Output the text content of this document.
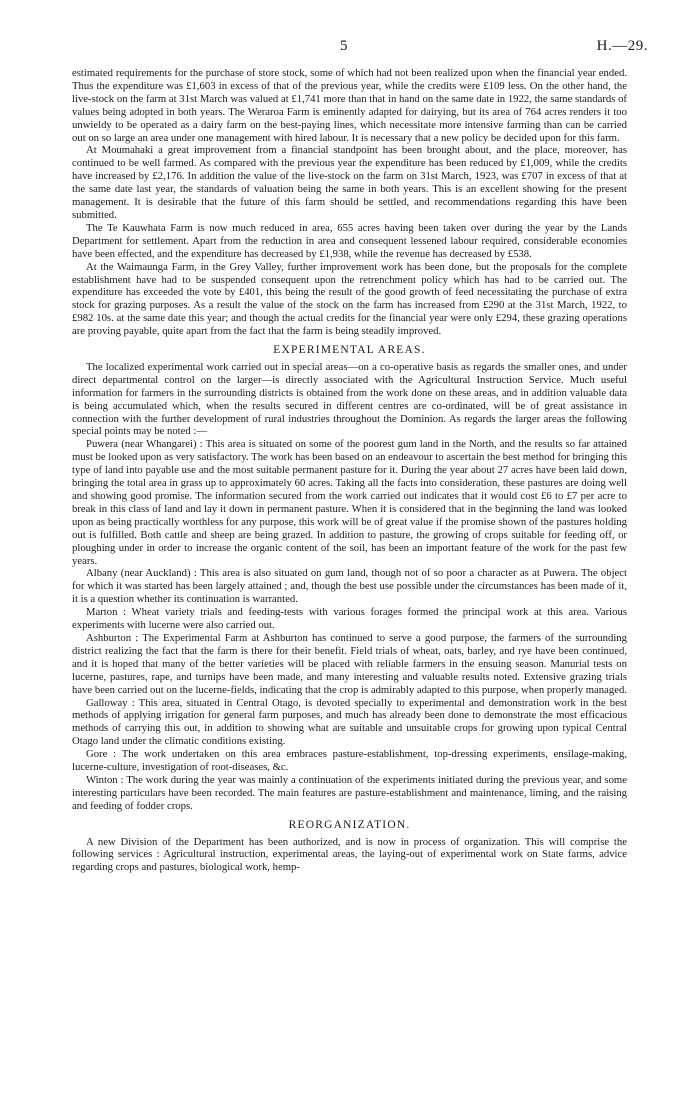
5	H.—29.

estimated requirements for the purchase of store stock, some of which had not been realized upon when the financial year ended. Thus the expenditure was £1,603 in excess of that of the previous year, while the credits were £109 less. On the other hand, the live-stock on the farm at 31st March was valued at £1,741 more than that in hand on the same date in 1922, the same standards of values being adopted in both years. The Weraroa Farm is eminently adapted for dairying, but its area of 764 acres renders it too unwieldy to be operated as a dairy farm on the best-paying lines, which necessitate more intensive farming than can be carried out on so large an area under one management with hired labour. It is necessary that a new policy be decided upon for this farm.

At Moumahaki a great improvement from a financial standpoint has been brought about, and the place, moreover, has continued to be well farmed. As compared with the previous year the expenditure has been reduced by £1,009, while the credits have increased by £2,176. In addition the value of the live-stock on the farm on 31st March, 1923, was £707 in excess of that at the same date last year, the standards of valuation being the same in both years. This is an excellent showing for the present management. It is desirable that the future of this farm should be settled, and recommendations regarding this have been submitted.

The Te Kauwhata Farm is now much reduced in area, 655 acres having been taken over during the year by the Lands Department for settlement. Apart from the reduction in area and consequent lessened labour required, considerable economies have been effected, and the expenditure has decreased by £1,938, while the revenue has decreased by £538.

At the Waimaunga Farm, in the Grey Valley, further improvement work has been done, but the proposals for the complete establishment have had to be suspended consequent upon the retrenchment policy which has had to be carried out. The expenditure has exceeded the vote by £401, this being the result of the good growth of feed necessitating the purchase of extra stock for grazing purposes. As a result the value of the stock on the farm has increased from £290 at the 31st March, 1922, to £982 10s. at the same date this year; and though the actual credits for the financial year were only £294, these grazing operations are proving payable, quite apart from the fact that the farm is being steadily improved.

EXPERIMENTAL AREAS.

The localized experimental work carried out in special areas—on a co-operative basis as regards the smaller ones, and under direct departmental control on the larger—is directly associated with the Agricultural Instruction Service. Much useful information for farmers in the surrounding districts is obtained from the work done on these areas, and in addition valuable data is being accumulated which, when the results secured in different centres are co-ordinated, will be of great assistance in connection with the further development of rural industries throughout the Dominion. As regards the larger areas the following special points may be noted :—

Puwera (near Whangarei) : This area is situated on some of the poorest gum land in the North, and the results so far attained must be looked upon as very satisfactory. The work has been based on an endeavour to ascertain the best method for bringing this type of land into payable use and the most suitable permanent pasture for it. During the year about 27 acres have been laid down, bringing the total area in grass up to approximately 60 acres. Taking all the facts into consideration, these pastures are doing well and showing good promise. The information secured from the work carried out indicates that it would cost £6 to £7 per acre to break in this class of land and lay it down in permanent pasture. When it is considered that in the beginning the land was looked upon as being practically worthless for any purpose, this work will be of great value if the promise shown of the pastures holding out is fulfilled. Both cattle and sheep are being grazed. In addition to pasture, the growing of crops suitable for feeding off, or ploughing under in order to increase the organic content of the soil, has been an important feature of the work for the past few years.

Albany (near Auckland) : This area is also situated on gum land, though not of so poor a character as at Puwera. The object for which it was started has been largely attained ; and, though the best use possible under the circumstances has been made of it, it is a question whether its continuation is warranted.

Marton : Wheat variety trials and feeding-tests with various forages formed the principal work at this area. Various experiments with lucerne were also carried out.

Ashburton : The Experimental Farm at Ashburton has continued to serve a good purpose, the farmers of the surrounding district realizing the fact that the farm is there for their benefit. Field trials of wheat, oats, barley, and rye have been continued, and it is hoped that many of the better varieties will be placed with reliable farmers in the ensuing season. Manurial tests on lucerne, pastures, rape, and turnips have been made, and many interesting and valuable results noted. Extensive grazing trials have been carried out on the lucerne-fields, indicating that the crop is admirably adapted to this purpose, when properly managed.

Galloway : This area, situated in Central Otago, is devoted specially to experimental and demonstration work in the best methods of applying irrigation for general farm purposes, and much has already been done to demonstrate the most efficacious methods of carrying this out, in addition to showing what are suitable and unsuitable crops for growing upon typical Central Otago land under the climatic conditions existing.

Gore : The work undertaken on this area embraces pasture-establishment, top-dressing experiments, ensilage-making, lucerne-culture, investigation of root-diseases, &c.

Winton : The work during the year was mainly a continuation of the experiments initiated during the previous year, and some interesting particulars have been recorded. The main features are pasture-establishment and maintenance, liming, and the raising and feeding of fodder crops.

REORGANIZATION.

A new Division of the Department has been authorized, and is now in process of organization. This will comprise the following services : Agricultural instruction, experimental areas, the laying-out of experimental work on State farms, advice regarding crops and pastures, biological work, hemp-
